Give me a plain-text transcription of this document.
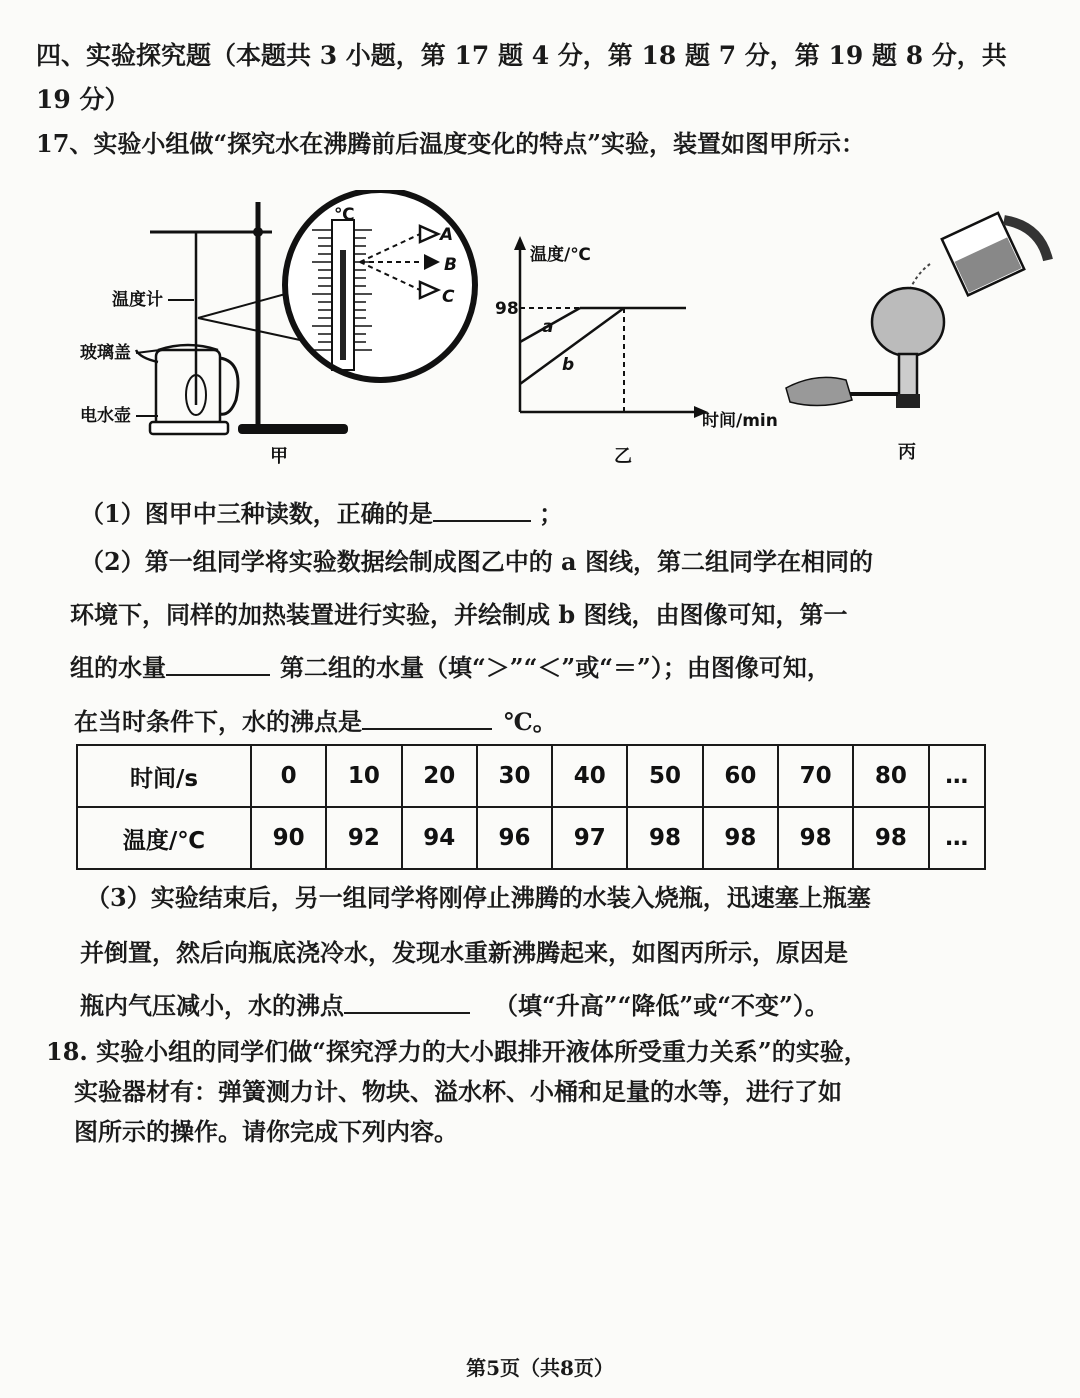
四、实验探究题（本题共 3 小题，第 17 题 4 分，第 18 题 7 分，第 19 题 8 分，共 19 分）
17、实验小组做“探究水在沸腾前后温度变化的特点”实验，装置如图甲所示：
温度计
玻璃盖
电水壶
℃
A
B
C
甲
温度/℃
时间/min
98
a
b
乙	丙
（1）图甲中三种读数，正确的是	；
（2）第一组同学将实验数据绘制成图乙中的 a 图线，第二组同学在相同的
环境下，同样的加热装置进行实验，并绘制成 b 图线，由图像可知，第一
组的水量	第二组的水量（填“＞”“＜”或“＝”）；由图像可知，
在当时条件下，水的沸点是	℃。
时间/s	0	10	20	30	40	50	60	70	80	…
温度/℃	90	92	94	96	97	98	98	98	98	…
（3）实验结束后，另一组同学将刚停止沸腾的水装入烧瓶，迅速塞上瓶塞
并倒置，然后向瓶底浇冷水，发现水重新沸腾起来，如图丙所示，原因是
瓶内气压减小，水的沸点	（填“升高”“降低”或“不变”）。
18. 实验小组的同学们做“探究浮力的大小跟排开液体所受重力关系”的实验，
实验器材有：弹簧测力计、物块、溢水杯、小桶和足量的水等，进行了如
图所示的操作。请你完成下列内容。
第5页（共8页）
